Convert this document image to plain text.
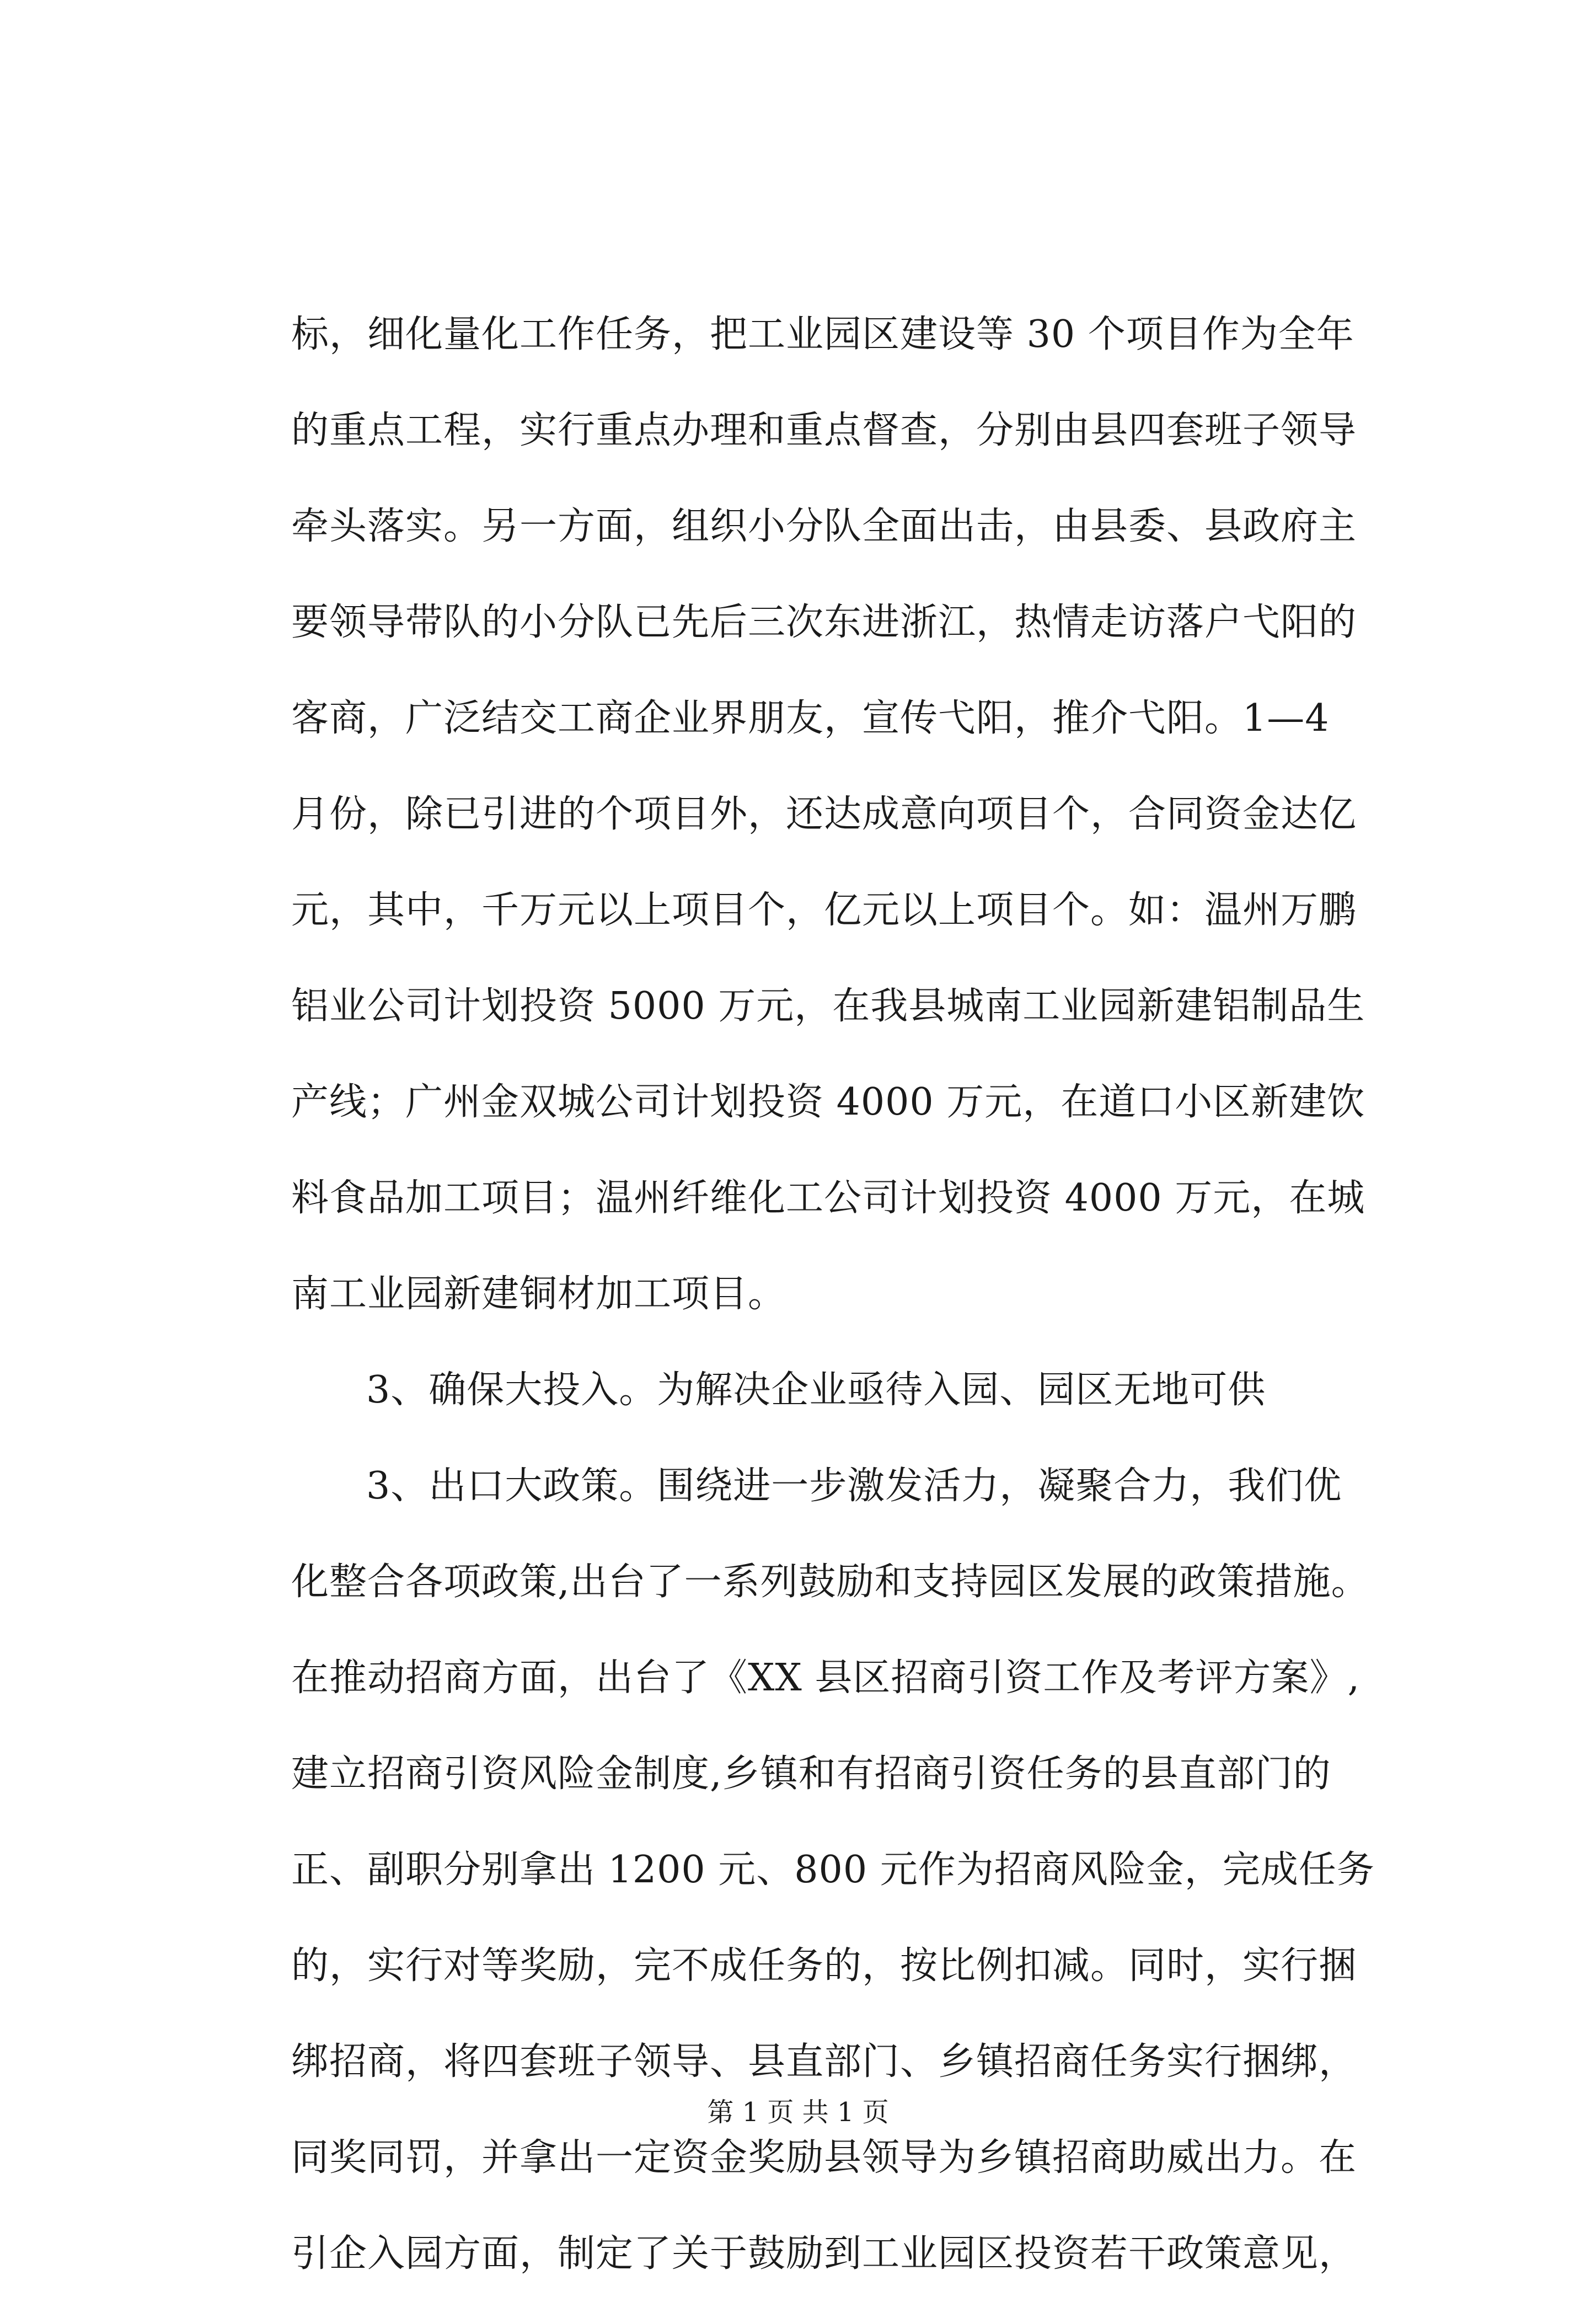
标，细化量化工作任务，把工业园区建设等 30 个项目作为全年
的重点工程，实行重点办理和重点督查，分别由县四套班子领导
牵头落实。另一方面，组织小分队全面出击，由县委、县政府主
要领导带队的小分队已先后三次东进浙江，热情走访落户弋阳的
客商，广泛结交工商企业界朋友，宣传弋阳，推介弋阳。1—4
月份，除已引进的个项目外，还达成意向项目个，合同资金达亿
元，其中，千万元以上项目个，亿元以上项目个。如：温州万鹏
铝业公司计划投资 5000 万元，在我县城南工业园新建铝制品生
产线；广州金双城公司计划投资 4000 万元，在道口小区新建饮
料食品加工项目；温州纤维化工公司计划投资 4000 万元，在城
南工业园新建铜材加工项目。
3、确保大投入。为解决企业亟待入园、园区无地可供
3、出口大政策。围绕进一步激发活力，凝聚合力，我们优
化整合各项政策,出台了一系列鼓励和支持园区发展的政策措施。
在推动招商方面，出台了《XX 县区招商引资工作及考评方案》,
建立招商引资风险金制度,乡镇和有招商引资任务的县直部门的
正、副职分别拿出 1200 元、800 元作为招商风险金，完成任务
的，实行对等奖励，完不成任务的，按比例扣减。同时，实行捆
绑招商，将四套班子领导、县直部门、乡镇招商任务实行捆绑，
同奖同罚，并拿出一定资金奖励县领导为乡镇招商助威出力。在
引企入园方面，制定了关于鼓励到工业园区投资若干政策意见，
第 1 页 共 1 页
